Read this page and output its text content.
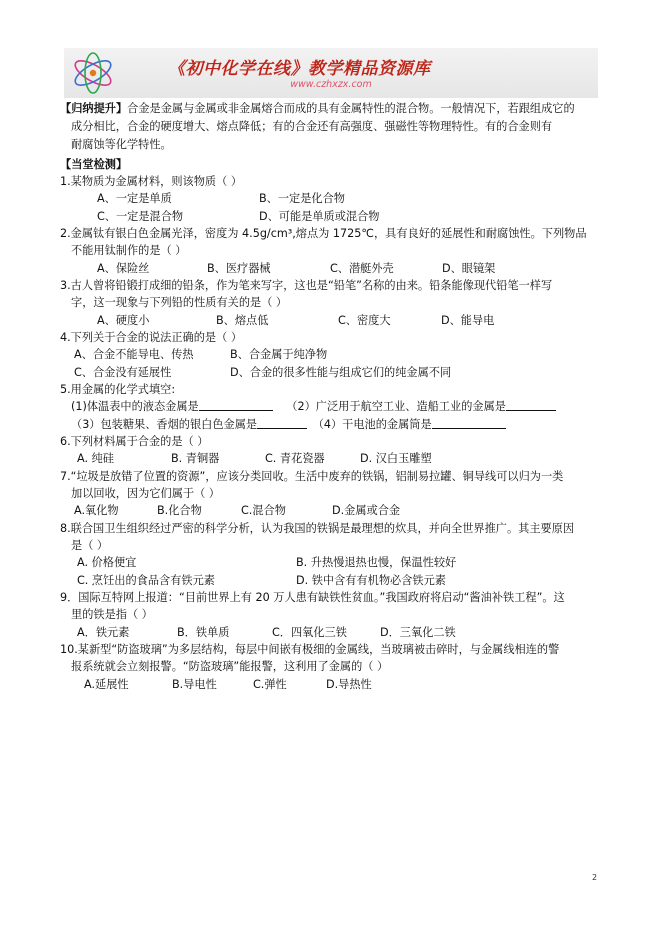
《初中化学在线》教学精品资源库
www.czhxzx.com
【归纳提升】合金是金属与金属或非金属熔合而成的具有金属特性的混合物。一般情况下，若跟组成它的
成分相比，合金的硬度增大、熔点降低；有的合金还有高强度、强磁性等物理特性。有的合金则有
耐腐蚀等化学特性。
【当堂检测】
1.某物质为金属材料，则该物质（ ）
A、一定是单质	B、一定是化合物
C、一定是混合物	D、可能是单质或混合物
2.金属钛有银白色金属光泽，密度为 4.5g/cm³,熔点为 1725℃，具有良好的延展性和耐腐蚀性。下列物品
不能用钛制作的是（ ）
A、保险丝	B、医疗器械	C、潜艇外壳	D、眼镜架
3.古人曾将铅锻打成细的铅条，作为笔来写字，这也是“铅笔”名称的由来。铅条能像现代铅笔一样写
字，这一现象与下列铅的性质有关的是（ ）
A、硬度小	B、熔点低	C、密度大	D、能导电
4.下列关于合金的说法正确的是（ ）
A、合金不能导电、传热	B、合金属于纯净物
C、合金没有延展性	D、合金的很多性能与组成它们的纯金属不同
5.用金属的化学式填空:
(1)体温表中的液态金属是	（2）广泛用于航空工业、造船工业的金属是
（3）包装糖果、香烟的银白色金属是	（4）干电池的金属筒是
6.下列材料属于合金的是（ ）
A. 纯硅	B. 青铜器	C. 青花瓷器	D. 汉白玉雕塑
7.“垃圾是放错了位置的资源”，应该分类回收。生活中废弃的铁锅，铝制易拉罐、铜导线可以归为一类
加以回收，因为它们属于（ ）
A.氧化物	B.化合物	C.混合物	D.金属或合金
8.联合国卫生组织经过严密的科学分析，认为我国的铁锅是最理想的炊具，并向全世界推广。其主要原因
是（ ）
A. 价格便宜	B. 升热慢退热也慢，保温性较好
C. 烹饪出的食品含有铁元素	D. 铁中含有有机物必含铁元素
9．国际互特网上报道：“目前世界上有 20 万人患有缺铁性贫血。”我国政府将启动“酱油补铁工程”。这
里的铁是指（ ）
A．铁元素	B．铁单质	C．四氧化三铁	D．三氧化二铁
10.某新型“防盗玻璃”为多层结构，每层中间嵌有极细的金属线，当玻璃被击碎时，与金属线相连的警
报系统就会立刻报警。“防盗玻璃”能报警，这利用了金属的（ ）
A.延展性	B.导电性	C.弹性	D.导热性
2
